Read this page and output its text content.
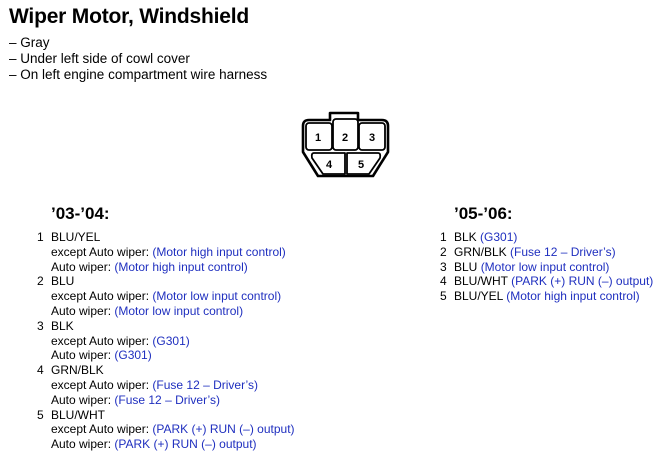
Wiper Motor, Windshield
– Gray
– Under left side of cowl cover
– On left engine compartment wire harness
1 2 3
4 5
’03-’04:	’05-’06:
1 BLU/YEL
except Auto wiper: (Motor high input control)
Auto wiper: (Motor high input control)
2 BLU
except Auto wiper: (Motor low input control)
Auto wiper: (Motor low input control)
3 BLK
except Auto wiper: (G301)
Auto wiper: (G301)
4 GRN/BLK
except Auto wiper: (Fuse 12 – Driver’s)
Auto wiper: (Fuse 12 – Driver’s)
5 BLU/WHT
except Auto wiper: (PARK (+) RUN (–) output)
Auto wiper: (PARK (+) RUN (–) output)
1 BLK (G301)
2 GRN/BLK (Fuse 12 – Driver’s)
3 BLU (Motor low input control)
4 BLU/WHT (PARK (+) RUN (–) output)
5 BLU/YEL (Motor high input control)
